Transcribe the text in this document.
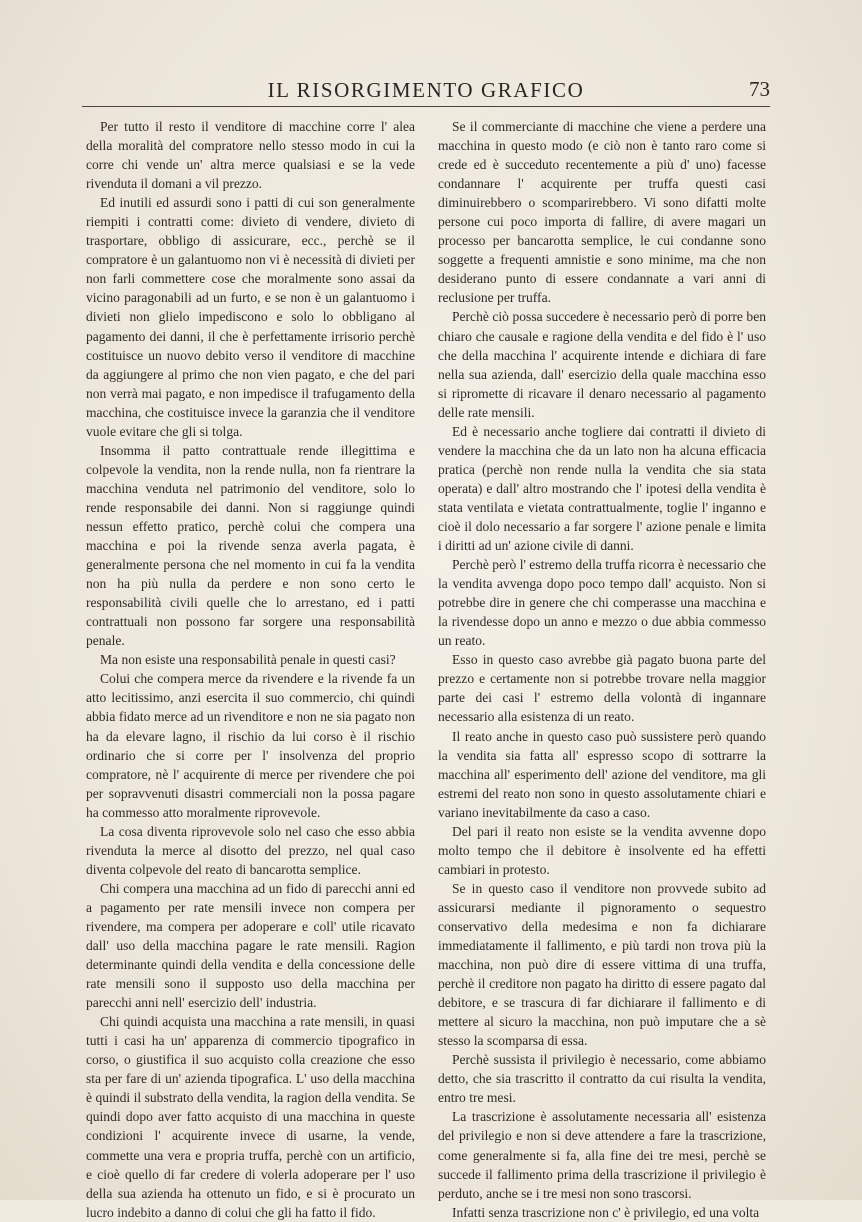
IL RISORGIMENTO GRAFICO	73

Per tutto il resto il venditore di macchine corre l' alea della moralità del compratore nello stesso modo in cui la corre chi vende un' altra merce qualsiasi e se la vede rivenduta il domani a vil prezzo.

Ed inutili ed assurdi sono i patti di cui son generalmente riempiti i contratti come: divieto di vendere, divieto di trasportare, obbligo di assicurare, ecc., perchè se il compratore è un galantuomo non vi è necessità di divieti per non farli commettere cose che moralmente sono assai da vicino paragonabili ad un furto, e se non è un galantuomo i divieti non glielo impediscono e solo lo obbligano al pagamento dei danni, il che è perfettamente irrisorio perchè costituisce un nuovo debito verso il venditore di macchine da aggiungere al primo che non vien pagato, e che del pari non verrà mai pagato, e non impedisce il trafugamento della macchina, che costituisce invece la garanzia che il venditore vuole evitare che gli si tolga.

Insomma il patto contrattuale rende illegittima e colpevole la vendita, non la rende nulla, non fa rientrare la macchina venduta nel patrimonio del venditore, solo lo rende responsabile dei danni. Non si raggiunge quindi nessun effetto pratico, perchè colui che compera una macchina e poi la rivende senza averla pagata, è generalmente persona che nel momento in cui fa la vendita non ha più nulla da perdere e non sono certo le responsabilità civili quelle che lo arrestano, ed i patti contrattuali non possono far sorgere una responsabilità penale.

Ma non esiste una responsabilità penale in questi casi?

Colui che compera merce da rivendere e la rivende fa un atto lecitissimo, anzi esercita il suo commercio, chi quindi abbia fidato merce ad un rivenditore e non ne sia pagato non ha da elevare lagno, il rischio da lui corso è il rischio ordinario che si corre per l' insolvenza del proprio compratore, nè l' acquirente di merce per rivendere che poi per sopravvenuti disastri commerciali non la possa pagare ha commesso atto moralmente riprovevole.

La cosa diventa riprovevole solo nel caso che esso abbia rivenduta la merce al disotto del prezzo, nel qual caso diventa colpevole del reato di bancarotta semplice.

Chi compera una macchina ad un fido di parecchi anni ed a pagamento per rate mensili invece non compera per rivendere, ma compera per adoperare e coll' utile ricavato dall' uso della macchina pagare le rate mensili. Ragion determinante quindi della vendita e della concessione delle rate mensili sono il supposto uso della macchina per parecchi anni nell' esercizio dell' industria.

Chi quindi acquista una macchina a rate mensili, in quasi tutti i casi ha un' apparenza di commercio tipografico in corso, o giustifica il suo acquisto colla creazione che esso sta per fare di un' azienda tipografica. L' uso della macchina è quindi il substrato della vendita, la ragion della vendita. Se quindi dopo aver fatto acquisto di una macchina in queste condizioni l' acquirente invece di usarne, la vende, commette una vera e propria truffa, perchè con un artificio, e cioè quello di far credere di volerla adoperare per l' uso della sua azienda ha ottenuto un fido, e si è procurato un lucro indebito a danno di colui che gli ha fatto il fido.

Se il commerciante di macchine che viene a perdere una macchina in questo modo (e ciò non è tanto raro come si crede ed è succeduto recentemente a più d' uno) facesse condannare l' acquirente per truffa questi casi diminuirebbero o scomparirebbero. Vi sono difatti molte persone cui poco importa di fallire, di avere magari un processo per bancarotta semplice, le cui condanne sono soggette a frequenti amnistie e sono minime, ma che non desiderano punto di essere condannate a vari anni di reclusione per truffa.

Perchè ciò possa succedere è necessario però di porre ben chiaro che causale e ragione della vendita e del fido è l' uso che della macchina l' acquirente intende e dichiara di fare nella sua azienda, dall' esercizio della quale macchina esso si ripromette di ricavare il denaro necessario al pagamento delle rate mensili.

Ed è necessario anche togliere dai contratti il divieto di vendere la macchina che da un lato non ha alcuna efficacia pratica (perchè non rende nulla la vendita che sia stata operata) e dall' altro mostrando che l' ipotesi della vendita è stata ventilata e vietata contrattualmente, toglie l' inganno e cioè il dolo necessario a far sorgere l' azione penale e limita i diritti ad un' azione civile di danni.

Perchè però l' estremo della truffa ricorra è necessario che la vendita avvenga dopo poco tempo dall' acquisto. Non si potrebbe dire in genere che chi comperasse una macchina e la rivendesse dopo un anno e mezzo o due abbia commesso un reato.

Esso in questo caso avrebbe già pagato buona parte del prezzo e certamente non si potrebbe trovare nella maggior parte dei casi l' estremo della volontà di ingannare necessario alla esistenza di un reato.

Il reato anche in questo caso può sussistere però quando la vendita sia fatta all' espresso scopo di sottrarre la macchina all' esperimento dell' azione del venditore, ma gli estremi del reato non sono in questo assolutamente chiari e variano inevitabilmente da caso a caso.

Del pari il reato non esiste se la vendita avvenne dopo molto tempo che il debitore è insolvente ed ha effetti cambiari in protesto.

Se in questo caso il venditore non provvede subito ad assicurarsi mediante il pignoramento o sequestro conservativo della medesima e non fa dichiarare immediatamente il fallimento, e più tardi non trova più la macchina, non può dire di essere vittima di una truffa, perchè il creditore non pagato ha diritto di essere pagato dal debitore, e se trascura di far dichiarare il fallimento e di mettere al sicuro la macchina, non può imputare che a sè stesso la scomparsa di essa.

Perchè sussista il privilegio è necessario, come abbiamo detto, che sia trascritto il contratto da cui risulta la vendita, entro tre mesi.

La trascrizione è assolutamente necessaria all' esistenza del privilegio e non si deve attendere a fare la trascrizione, come generalmente si fa, alla fine dei tre mesi, perchè se succede il fallimento prima della trascrizione il privilegio è perduto, anche se i tre mesi non sono trascorsi.

Infatti senza trascrizione non c' è privilegio, ed una volta
